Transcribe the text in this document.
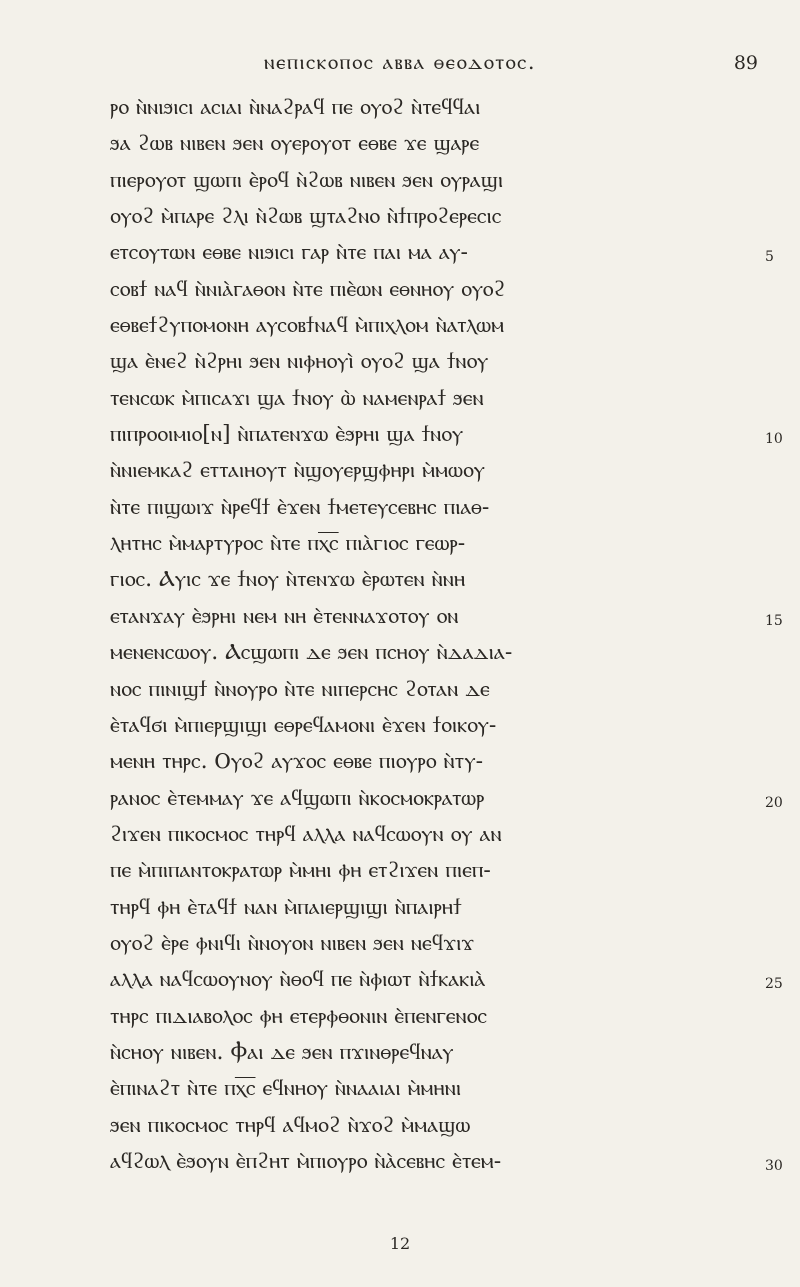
ⲛⲉⲡⲓⲥⲕⲟⲡⲟⲥ ⲁⲃⲃⲁ ⲑⲉⲟⲇⲟⲧⲟⲥ.	89
ⲣⲟ ⲛ̀ⲛⲓϧⲓⲥⲓ ⲁⲥⲓⲁⲓ ⲛ̀ⲛⲁϩⲣⲁϥ ⲡⲉ ⲟⲩⲟϩ ⲛ̀ⲧⲉϥϥⲁⲓ
ϧⲁ ϩⲱⲃ ⲛⲓⲃⲉⲛ ϧⲉⲛ ⲟⲩⲉⲣⲟⲩⲟⲧ ⲉⲑⲃⲉ ϫⲉ ϣⲁⲣⲉ
ⲡⲓⲉⲣⲟⲩⲟⲧ ϣⲱⲡⲓ ⲉ̀ⲣⲟϥ ⲛ̀ϩⲱⲃ ⲛⲓⲃⲉⲛ ϧⲉⲛ ⲟⲩⲣⲁϣⲓ
ⲟⲩⲟϩ ⲙ̀ⲡⲁⲣⲉ ϩⲗⲓ ⲛ̀ϩⲱⲃ ϣⲧⲁϩⲛⲟ ⲛ̀ϯⲡⲣⲟϩⲉⲣⲉⲥⲓⲥ
ⲉⲧⲥⲟⲩⲧⲱⲛ ⲉⲑⲃⲉ ⲛⲓϧⲓⲥⲓ ⲅⲁⲣ ⲛ̀ⲧⲉ ⲡⲁⲓ ⲙⲁ ⲁⲩ-	5
ⲥⲟⲃϯ ⲛⲁϥ ⲛ̀ⲛⲓⲁ̀ⲅⲁⲑⲟⲛ ⲛ̀ⲧⲉ ⲡⲓⲉ̀ⲱⲛ ⲉⲑⲛⲏⲟⲩ ⲟⲩⲟϩ
ⲉⲑⲃⲉϯϩⲩⲡⲟⲙⲟⲛⲏ ⲁⲩⲥⲟⲃϯⲛⲁϥ ⲙ̀ⲡⲓⲭⲗⲟⲙ ⲛ̀ⲁⲧⲗⲱⲙ
ϣⲁ ⲉ̀ⲛⲉϩ ⲛ̀ϩⲣⲏⲓ ϧⲉⲛ ⲛⲓⲫⲏⲟⲩⲓ̀ ⲟⲩⲟϩ ϣⲁ ϯⲛⲟⲩ
ⲧⲉⲛⲥⲱⲕ ⲙ̀ⲡⲓⲥⲁϫⲓ ϣⲁ ϯⲛⲟⲩ ⲱ̀ ⲛⲁⲙⲉⲛⲣⲁϯ ϧⲉⲛ
ⲡⲓⲡⲣⲟⲟⲓⲙⲓⲟ[ⲛ] ⲛ̀ⲡⲁⲧⲉⲛϫⲱ ⲉ̀ϧⲣⲏⲓ ϣⲁ ϯⲛⲟⲩ	10
ⲛ̀ⲛⲓⲉⲙⲕⲁϩ ⲉⲧⲧⲁⲓⲏⲟⲩⲧ ⲛ̀ϣⲟⲩⲉⲣϣⲫⲏⲣⲓ ⲙ̀ⲙⲱⲟⲩ
ⲛ̀ⲧⲉ ⲡⲓϣⲱⲓϫ ⲛ̀ⲣⲉϥϯ ⲉ̀ϫⲉⲛ ϯⲙⲉⲧⲉⲩⲥⲉⲃⲏⲥ ⲡⲓⲁⲑ-
ⲗⲏⲧⲏⲥ ⲙ̀ⲙⲁⲣⲧⲩⲣⲟⲥ ⲛ̀ⲧⲉ ⲡⲭ̅ⲥ̅ ⲡⲓⲁ̀ⲅⲓⲟⲥ ⲅⲉⲱⲣ-
ⲅⲓⲟⲥ. Ⲁⲩⲓⲥ ϫⲉ ϯⲛⲟⲩ ⲛ̀ⲧⲉⲛϫⲱ ⲉ̀ⲣⲱⲧⲉⲛ ⲛ̀ⲛⲏ
ⲉⲧⲁⲛϫⲁⲩ ⲉ̀ϧⲣⲏⲓ ⲛⲉⲙ ⲛⲏ ⲉ̀ⲧⲉⲛⲛⲁϫⲟⲧⲟⲩ ⲟⲛ	15
ⲙⲉⲛⲉⲛⲥⲱⲟⲩ. Ⲁⲥϣⲱⲡⲓ ⲇⲉ ϧⲉⲛ ⲡⲥⲏⲟⲩ ⲛ̀ⲇⲁⲇⲓⲁ-
ⲛⲟⲥ ⲡⲓⲛⲓϣϯ ⲛ̀ⲛⲟⲩⲣⲟ ⲛ̀ⲧⲉ ⲛⲓⲡⲉⲣⲥⲏⲥ ϩⲟⲧⲁⲛ ⲇⲉ
ⲉ̀ⲧⲁϥϭⲓ ⲙ̀ⲡⲓⲉⲣϣⲓϣⲓ ⲉⲑⲣⲉϥⲁⲙⲟⲛⲓ ⲉ̀ϫⲉⲛ ϯⲟⲓⲕⲟⲩ-
ⲙⲉⲛⲏ ⲧⲏⲣⲥ. Ⲟⲩⲟϩ ⲁⲩϫⲟⲥ ⲉⲑⲃⲉ ⲡⲓⲟⲩⲣⲟ ⲛ̀ⲧⲩ-
ⲣⲁⲛⲟⲥ ⲉ̀ⲧⲉⲙⲙⲁⲩ ϫⲉ ⲁϥϣⲱⲡⲓ ⲛ̀ⲕⲟⲥⲙⲟⲕⲣⲁⲧⲱⲣ	20
ϩⲓϫⲉⲛ ⲡⲓⲕⲟⲥⲙⲟⲥ ⲧⲏⲣϥ ⲁⲗⲗⲁ ⲛⲁϥⲥⲱⲟⲩⲛ ⲟⲩ ⲁⲛ
ⲡⲉ ⲙ̀ⲡⲓⲡⲁⲛⲧⲟⲕⲣⲁⲧⲱⲣ ⲙ̀ⲙⲏⲓ ⲫⲏ ⲉⲧϩⲓϫⲉⲛ ⲡⲓⲉⲡ-
ⲧⲏⲣϥ ⲫⲏ ⲉ̀ⲧⲁϥϯ ⲛⲁⲛ ⲙ̀ⲡⲁⲓⲉⲣϣⲓϣⲓ ⲛ̀ⲡⲁⲓⲣⲏϯ
ⲟⲩⲟϩ ⲉ̀ⲣⲉ ⲫⲛⲓϥⲓ ⲛ̀ⲛⲟⲩⲟⲛ ⲛⲓⲃⲉⲛ ϧⲉⲛ ⲛⲉϥϫⲓϫ
ⲁⲗⲗⲁ ⲛⲁϥⲥⲱⲟⲩⲛⲟⲩ ⲛ̀ⲑⲟϥ ⲡⲉ ⲛ̀ⲫⲓⲱⲧ ⲛ̀ϯⲕⲁⲕⲓⲁ̀	25
ⲧⲏⲣⲥ ⲡⲓⲇⲓⲁⲃⲟⲗⲟⲥ ⲫⲏ ⲉⲧⲉⲣⲫⲑⲟⲛⲓⲛ ⲉ̀ⲡⲉⲛⲅⲉⲛⲟⲥ
ⲛ̀ⲥⲏⲟⲩ ⲛⲓⲃⲉⲛ. Ⲫⲁⲓ ⲇⲉ ϧⲉⲛ ⲡϫⲓⲛⲑⲣⲉϥⲛⲁⲩ
ⲉ̀ⲡⲓⲛⲁϩⲧ ⲛ̀ⲧⲉ ⲡⲭ̅ⲥ̅ ⲉϥⲛⲏⲟⲩ ⲛ̀ⲛⲁⲁⲓⲁⲓ ⲙ̀ⲙⲏⲛⲓ
ϧⲉⲛ ⲡⲓⲕⲟⲥⲙⲟⲥ ⲧⲏⲣϥ ⲁϥⲙⲟϩ ⲛ̀ϫⲟϩ ⲙ̀ⲙⲁϣⲱ
ⲁϥϩⲱⲗ ⲉ̀ϧⲟⲩⲛ ⲉ̀ⲡϩⲏⲧ ⲙ̀ⲡⲓⲟⲩⲣⲟ ⲛ̀ⲁ̀ⲥⲉⲃⲏⲥ ⲉ̀ⲧⲉⲙ-	30
12
